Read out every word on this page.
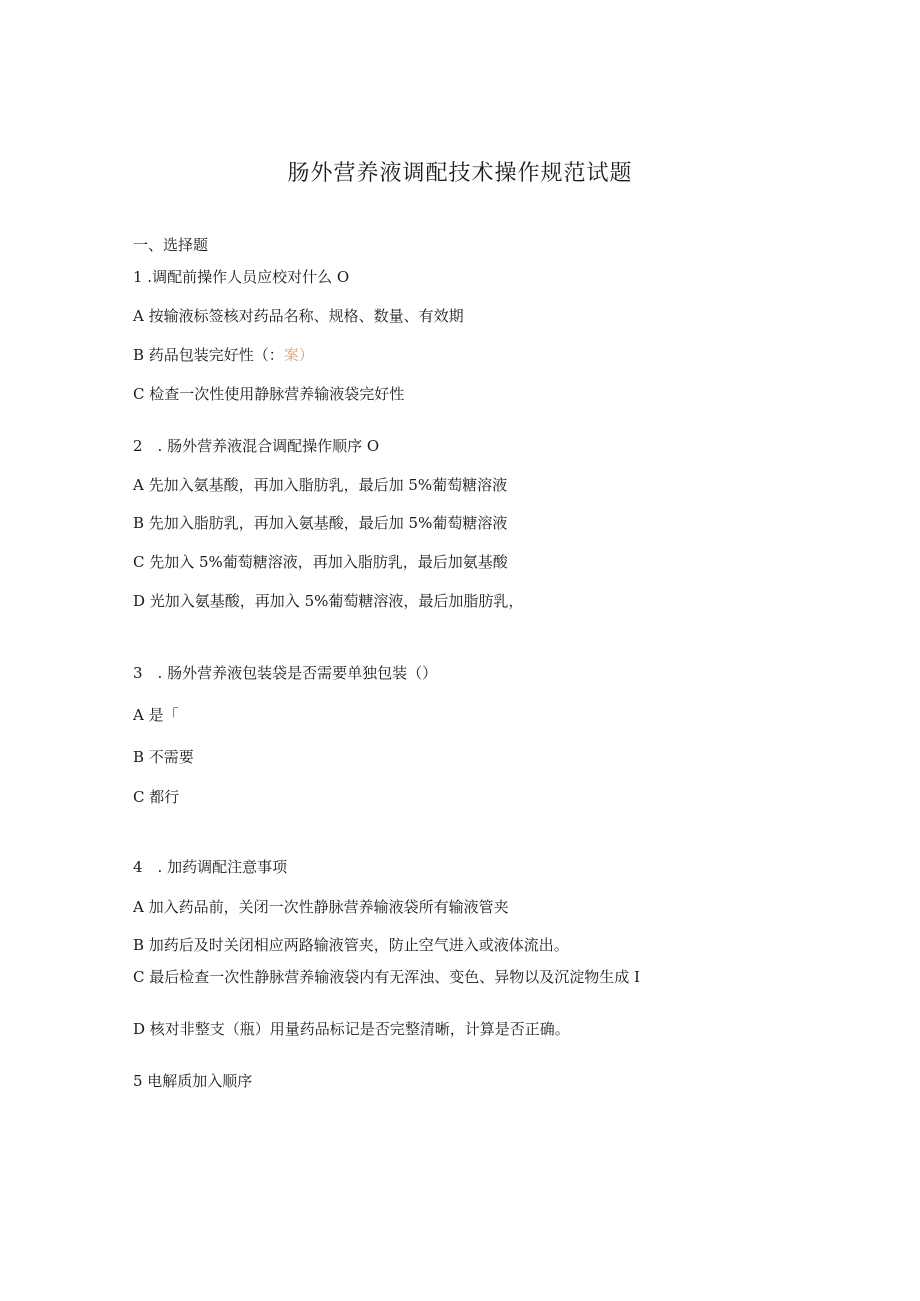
肠外营养液调配技术操作规范试题
一、选择题
1 .调配前操作人员应校对什么 O
A 按输液标签核对药品名称、规格、数量、有效期
B 药品包装完好性（：案）
C 检查一次性使用静脉营养输液袋完好性
2　. 肠外营养液混合调配操作顺序 O
A 先加入氨基酸，再加入脂肪乳，最后加 5%葡萄糖溶液
B 先加入脂肪乳，再加入氨基酸，最后加 5%葡萄糖溶液
C 先加入 5%葡萄糖溶液，再加入脂肪乳，最后加氨基酸
D 光加入氨基酸，再加入 5%葡萄糖溶液，最后加脂肪乳，
3　. 肠外营养液包装袋是否需要单独包装（）
A 是「
B 不需要
C 都行
4　. 加药调配注意事项
A 加入药品前，关闭一次性静脉营养输液袋所有输液管夹
B 加药后及时关闭相应两路输液管夹，防止空气进入或液体流出。
C 最后检查一次性静脉营养输液袋内有无浑浊、变色、异物以及沉淀物生成 I
D 核对非整支（瓶）用量药品标记是否完整清晰，计算是否正确。
5 电解质加入顺序
